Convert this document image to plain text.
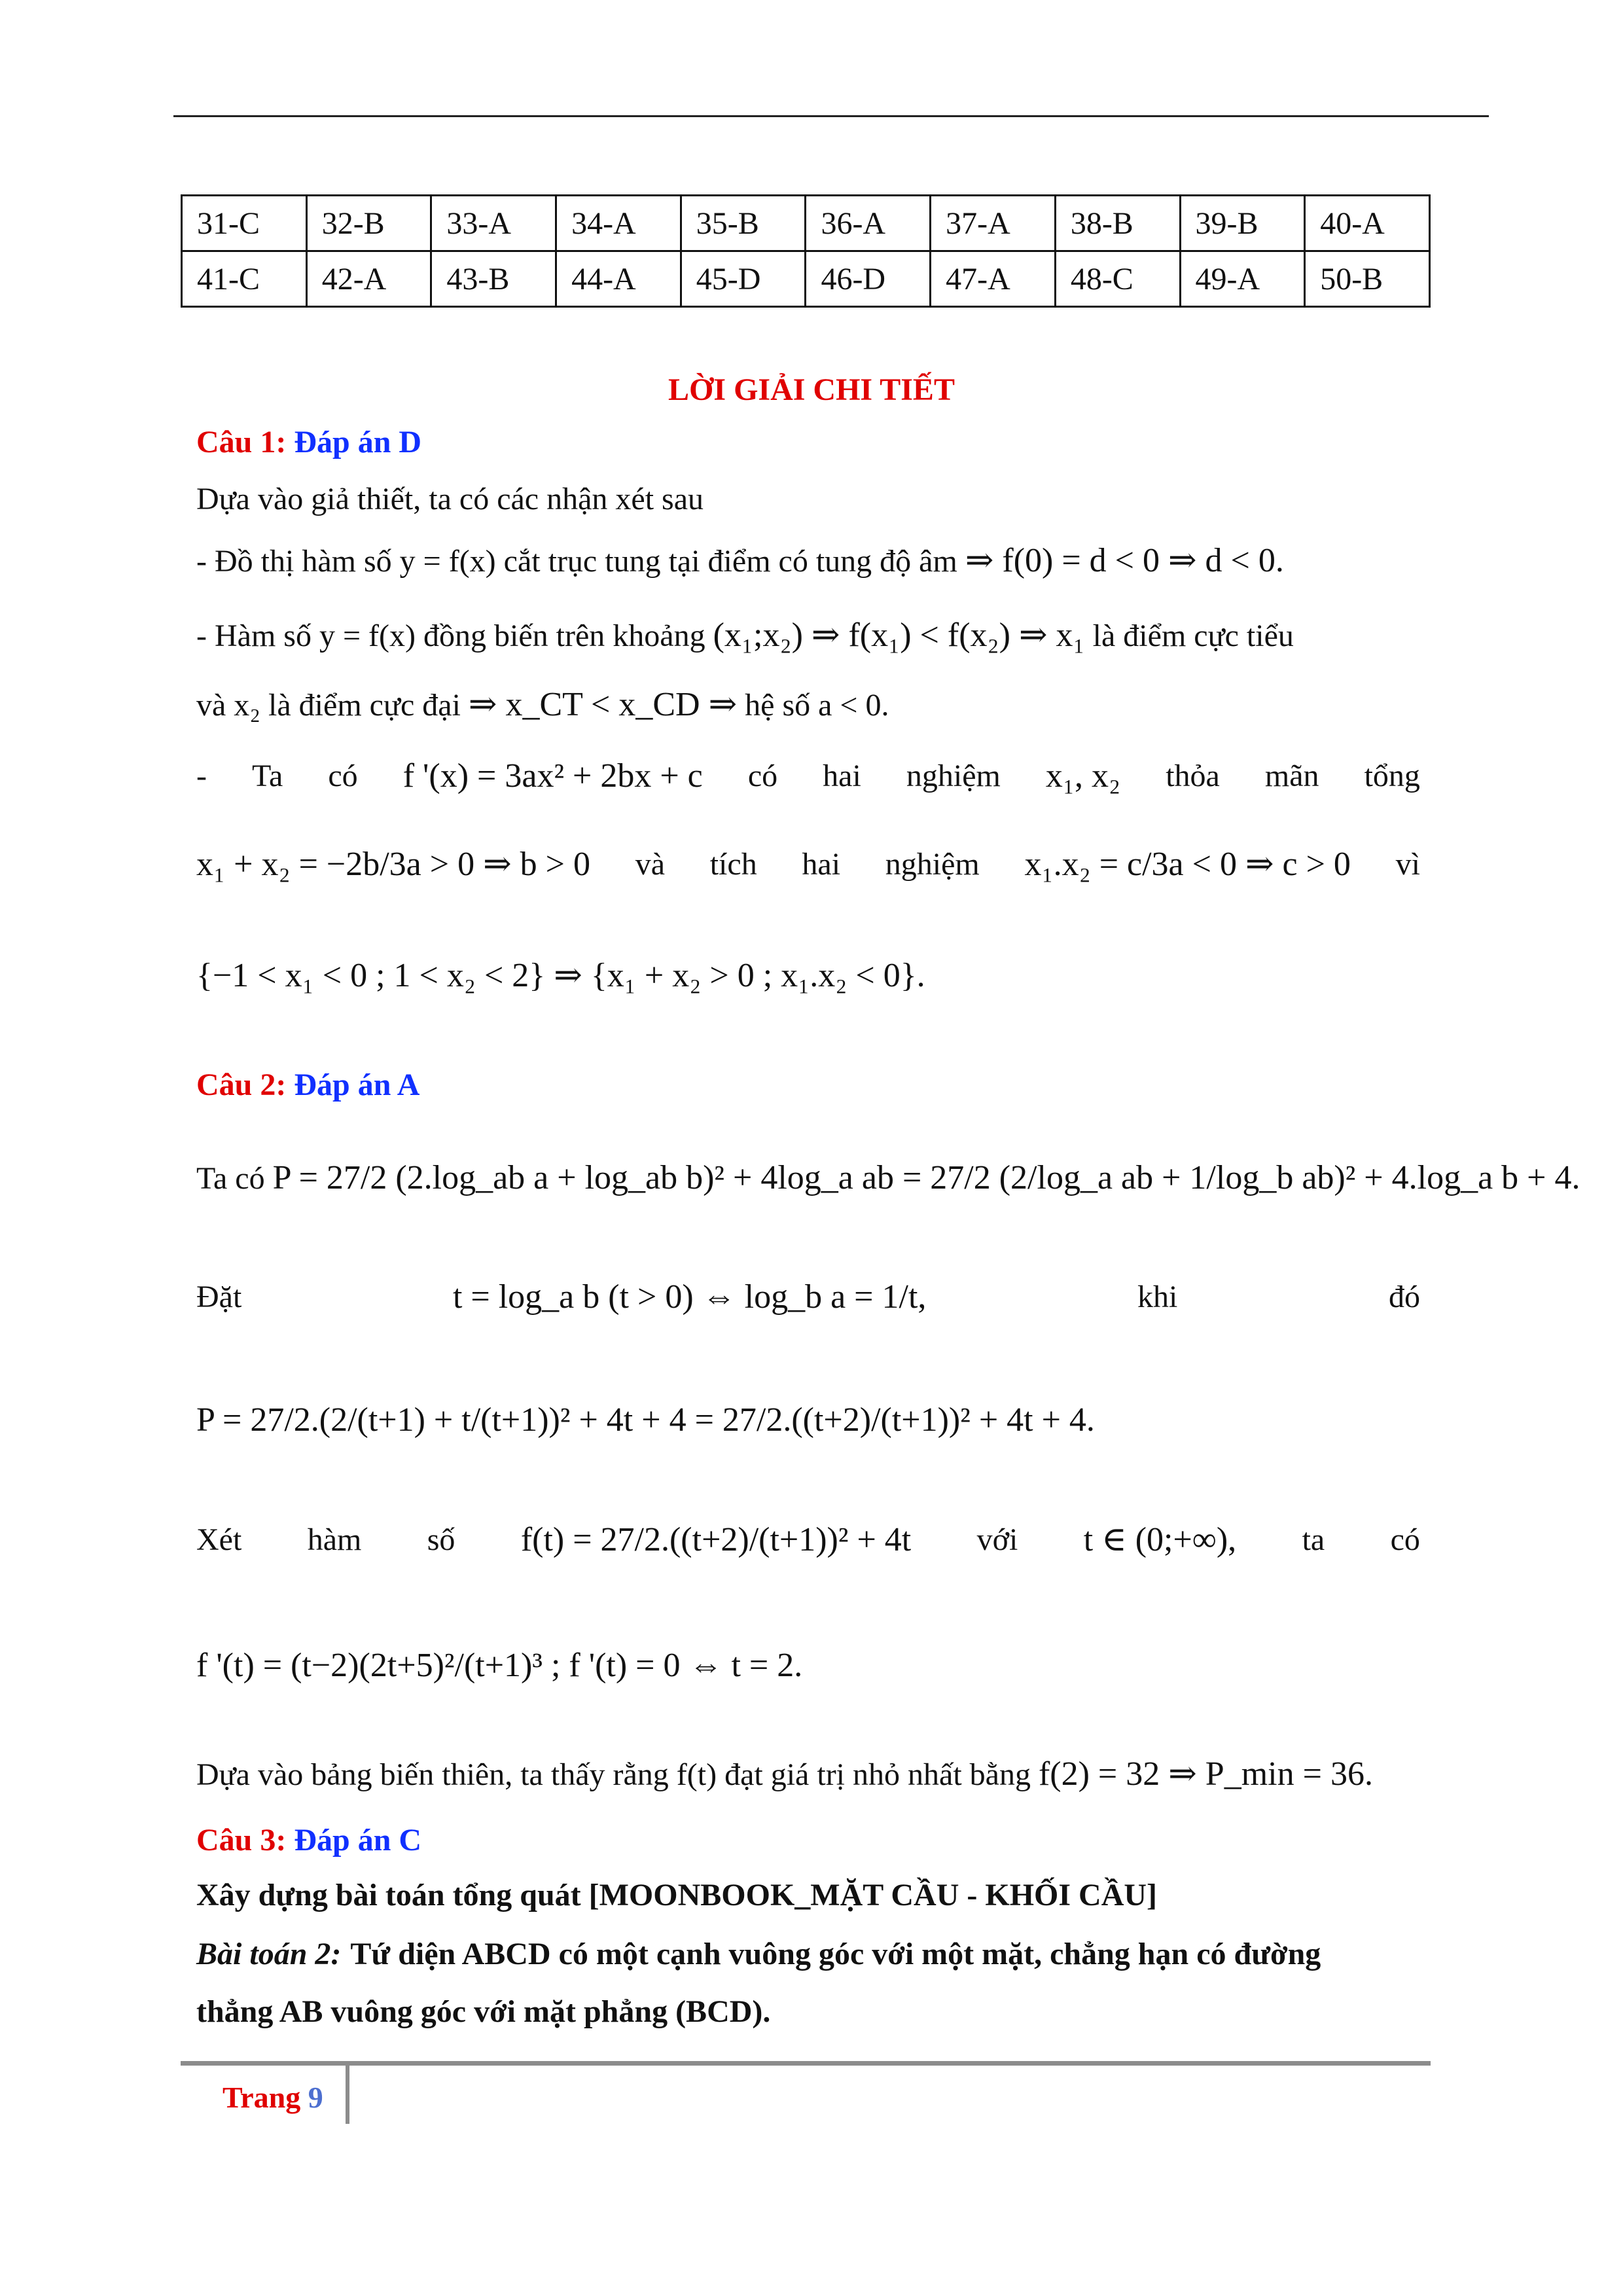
31-C	32-B	33-A	34-A	35-B	36-A	37-A	38-B	39-B	40-A
41-C	42-A	43-B	44-A	45-D	46-D	47-A	48-C	49-A	50-B
LỜI GIẢI CHI TIẾT
Câu 1: Đáp án D
Dựa vào giả thiết, ta có các nhận xét sau
- Đồ thị hàm số y = f(x) cắt trục tung tại điểm có tung độ âm ⇒ f(0) = d < 0 ⇒ d < 0.
- Hàm số y = f(x) đồng biến trên khoảng (x₁;x₂) ⇒ f(x₁) < f(x₂) ⇒ x₁ là điểm cực tiểu
và x₂ là điểm cực đại ⇒ x_CT < x_CD ⇒ hệ số a < 0.
- Ta có f '(x) = 3ax² + 2bx + c có hai nghiệm x₁, x₂ thỏa mãn tổng
x₁ + x₂ = −2b/3a > 0 ⇒ b > 0 và tích hai nghiệm x₁.x₂ = c/3a < 0 ⇒ c > 0 vì
{−1 < x₁ < 0 ; 1 < x₂ < 2} ⇒ {x₁ + x₂ > 0 ; x₁.x₂ < 0}.
Câu 2: Đáp án A
Ta có P = 27/2 (2.log_ab a + log_ab b)² + 4log_a ab = 27/2 (2/log_a ab + 1/log_b ab)² + 4.log_a b + 4.
Đặt	t = log_a b (t > 0) ⇔ log_b a = 1/t,	khi	đó
P = 27/2.(2/(t+1) + t/(t+1))² + 4t + 4 = 27/2.((t+2)/(t+1))² + 4t + 4.
Xét hàm số f(t) = 27/2.((t+2)/(t+1))² + 4t với t ∈ (0;+∞), ta có
f '(t) = (t−2)(2t+5)²/(t+1)³ ; f '(t) = 0 ⇔ t = 2.
Dựa vào bảng biến thiên, ta thấy rằng f(t) đạt giá trị nhỏ nhất bằng f(2) = 32 ⇒ P_min = 36.
Câu 3: Đáp án C
Xây dựng bài toán tổng quát [MOONBOOK_MẶT CẦU - KHỐI CẦU]
Bài toán 2: Tứ diện ABCD có một cạnh vuông góc với một mặt, chẳng hạn có đường
thẳng AB vuông góc với mặt phẳng (BCD).
Trang 9
